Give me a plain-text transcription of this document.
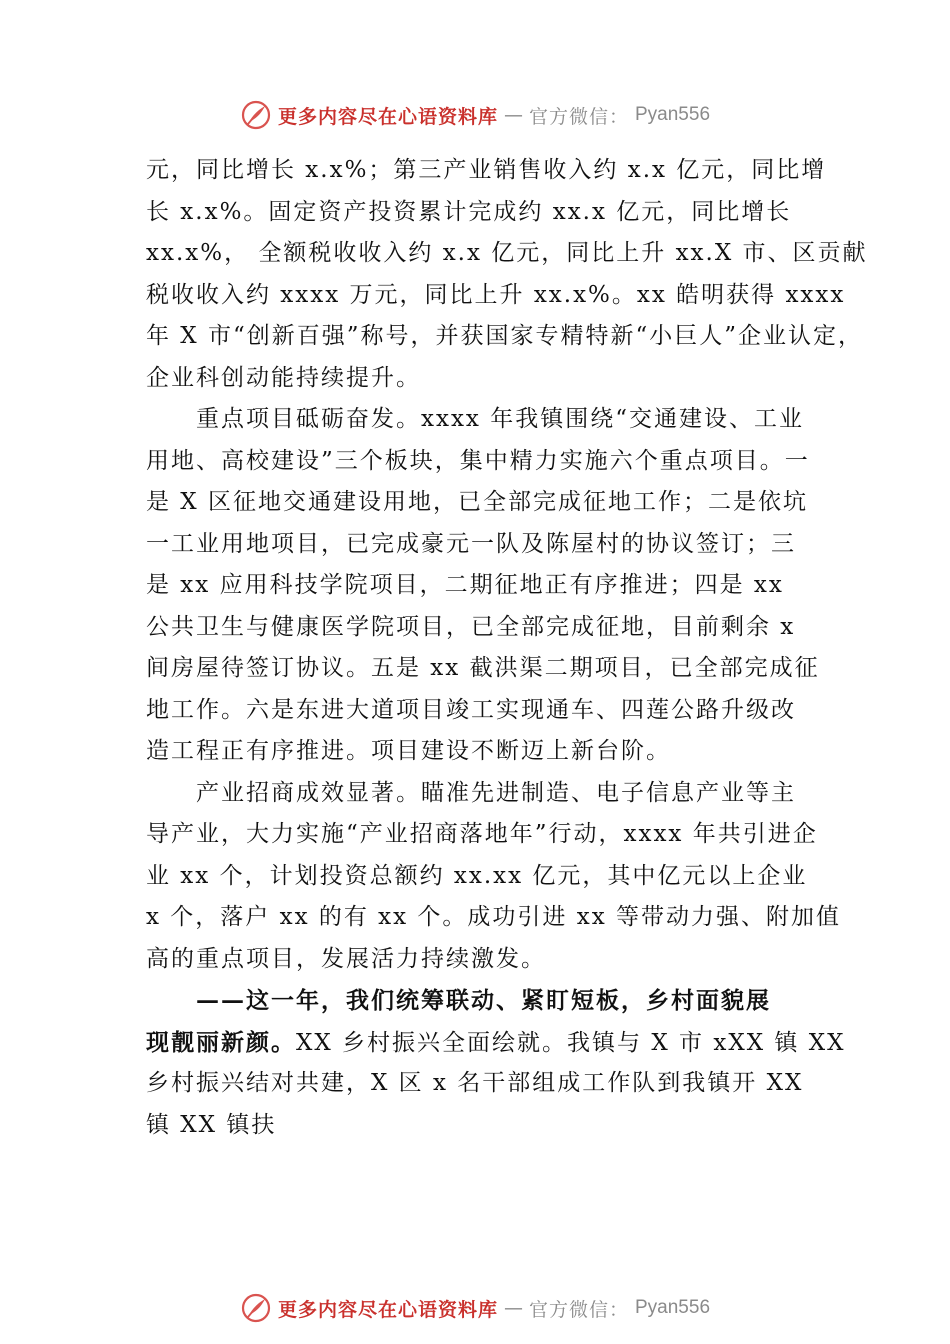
更多内容尽在心语资料库 — 官方微信： Pyan556
元，同比增长 x.x%；第三产业销售收入约 x.x 亿元，同比增
长 x.x%。固定资产投资累计完成约 xx.x 亿元，同比增长
xx.x%， 全额税收收入约 x.x 亿元，同比上升 xx.X 市、区贡献
税收收入约 xxxx 万元，同比上升 xx.x%。xx 皓明获得 xxxx
年 X 市“创新百强”称号，并获国家专精特新“小巨人”企业认定，
企业科创动能持续提升。
　　重点项目砥砺奋发。xxxx 年我镇围绕“交通建设、工业
用地、高校建设”三个板块，集中精力实施六个重点项目。一
是 X 区征地交通建设用地，已全部完成征地工作；二是依坑
一工业用地项目，已完成豪元一队及陈屋村的协议签订；三
是 xx 应用科技学院项目，二期征地正有序推进；四是 xx
公共卫生与健康医学院项目，已全部完成征地，目前剩余 x
间房屋待签订协议。五是 xx 截洪渠二期项目，已全部完成征
地工作。六是东进大道项目竣工实现通车、四莲公路升级改
造工程正有序推进。项目建设不断迈上新台阶。
　　产业招商成效显著。瞄准先进制造、电子信息产业等主
导产业，大力实施“产业招商落地年”行动，xxxx 年共引进企
业 xx 个，计划投资总额约 xx.xx 亿元，其中亿元以上企业
x 个，落户 xx 的有 xx 个。成功引进 xx 等带动力强、附加值
高的重点项目，发展活力持续激发。
　　——这一年，我们统筹联动、紧盯短板，乡村面貌展
现靓丽新颜。XX 乡村振兴全面绘就。我镇与 X 市 xXX 镇 XX
乡村振兴结对共建，X 区 x 名干部组成工作队到我镇开 XX
镇 XX 镇扶
更多内容尽在心语资料库 — 官方微信： Pyan556
